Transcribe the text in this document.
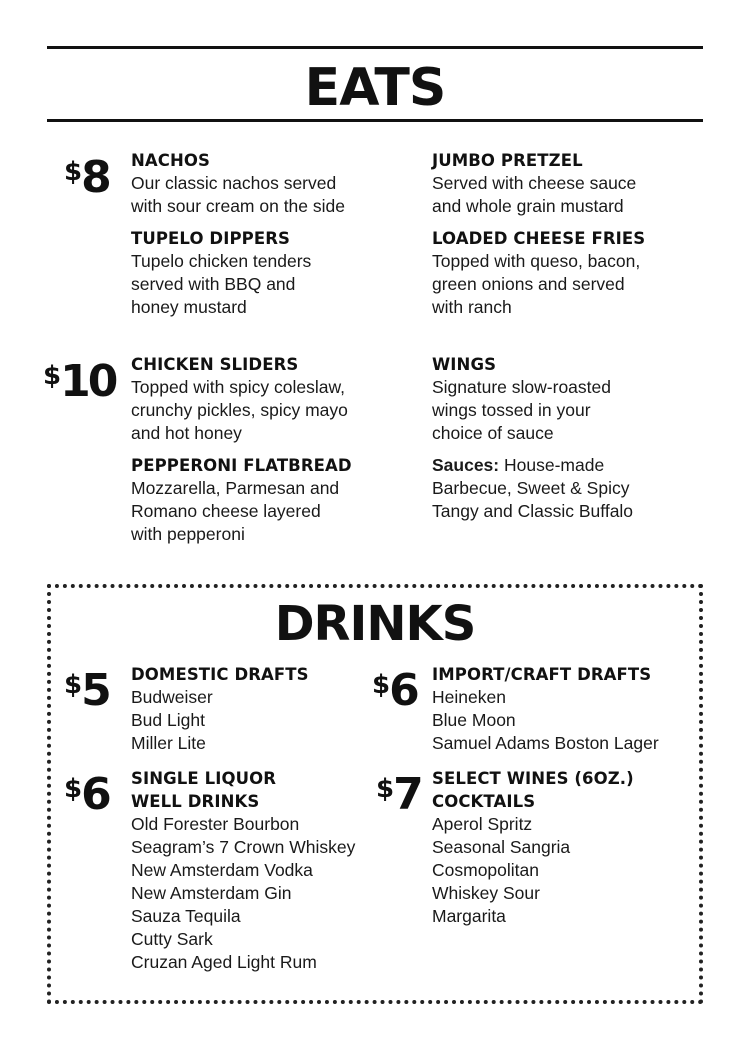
EATS
$8 NACHOS
Our classic nachos served
with sour cream on the side
JUMBO PRETZEL
Served with cheese sauce
and whole grain mustard
TUPELO DIPPERS
Tupelo chicken tenders
served with BBQ and
honey mustard
LOADED CHEESE FRIES
Topped with queso, bacon,
green onions and served
with ranch
$10 CHICKEN SLIDERS
Topped with spicy coleslaw,
crunchy pickles, spicy mayo
and hot honey
WINGS
Signature slow-roasted
wings tossed in your
choice of sauce
PEPPERONI FLATBREAD
Mozzarella, Parmesan and
Romano cheese layered
with pepperoni
Sauces: House-made
Barbecue, Sweet & Spicy
Tangy and Classic Buffalo
DRINKS
$5 DOMESTIC DRAFTS
Budweiser
Bud Light
Miller Lite
$6 IMPORT/CRAFT DRAFTS
Heineken
Blue Moon
Samuel Adams Boston Lager
$6 SINGLE LIQUOR
WELL DRINKS
Old Forester Bourbon
Seagram’s 7 Crown Whiskey
New Amsterdam Vodka
New Amsterdam Gin
Sauza Tequila
Cutty Sark
Cruzan Aged Light Rum
$7 SELECT WINES (6OZ.)
COCKTAILS
Aperol Spritz
Seasonal Sangria
Cosmopolitan
Whiskey Sour
Margarita
